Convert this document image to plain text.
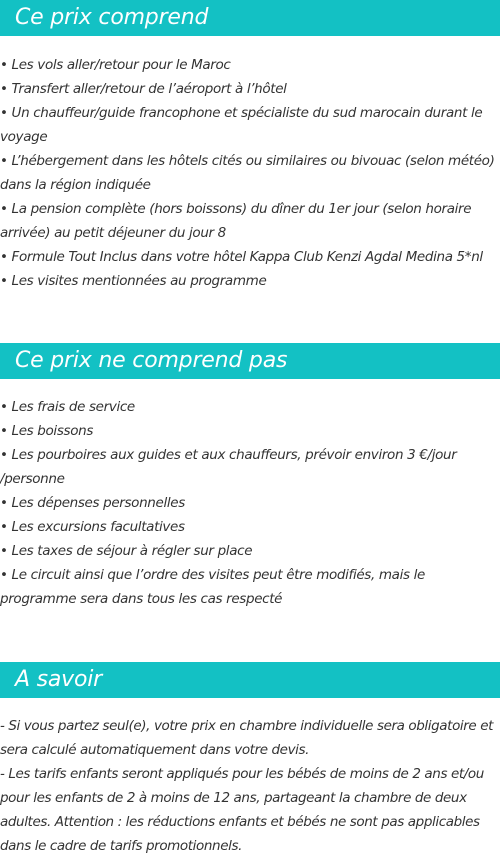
Ce prix comprend
• Les vols aller/retour pour le Maroc
• Transfert aller/retour de l’aéroport à l’hôtel
• Un chauffeur/guide francophone et spécialiste du sud marocain durant le voyage
• L’hébergement dans les hôtels cités ou similaires ou bivouac (selon météo) dans la région indiquée
• La pension complète (hors boissons) du dîner du 1er jour (selon horaire arrivée) au petit déjeuner du jour 8
• Formule Tout Inclus dans votre hôtel Kappa Club Kenzi Agdal Medina 5*nl
• Les visites mentionnées au programme
Ce prix ne comprend pas
• Les frais de service
• Les boissons
• Les pourboires aux guides et aux chauffeurs, prévoir environ 3 €/jour /personne
• Les dépenses personnelles
• Les excursions facultatives
• Les taxes de séjour à régler sur place
• Le circuit ainsi que l’ordre des visites peut être modifiés, mais le programme sera dans tous les cas respecté
A savoir

- Si vous partez seul(e), votre prix en chambre individuelle sera obligatoire et sera calculé automatiquement dans votre devis.

- Les tarifs enfants seront appliqués pour les bébés de moins de 2 ans et/ou pour les enfants de 2 à moins de 12 ans, partageant la chambre de deux adultes. Attention : les réductions enfants et bébés ne sont pas applicables dans le cadre de tarifs promotionnels.
